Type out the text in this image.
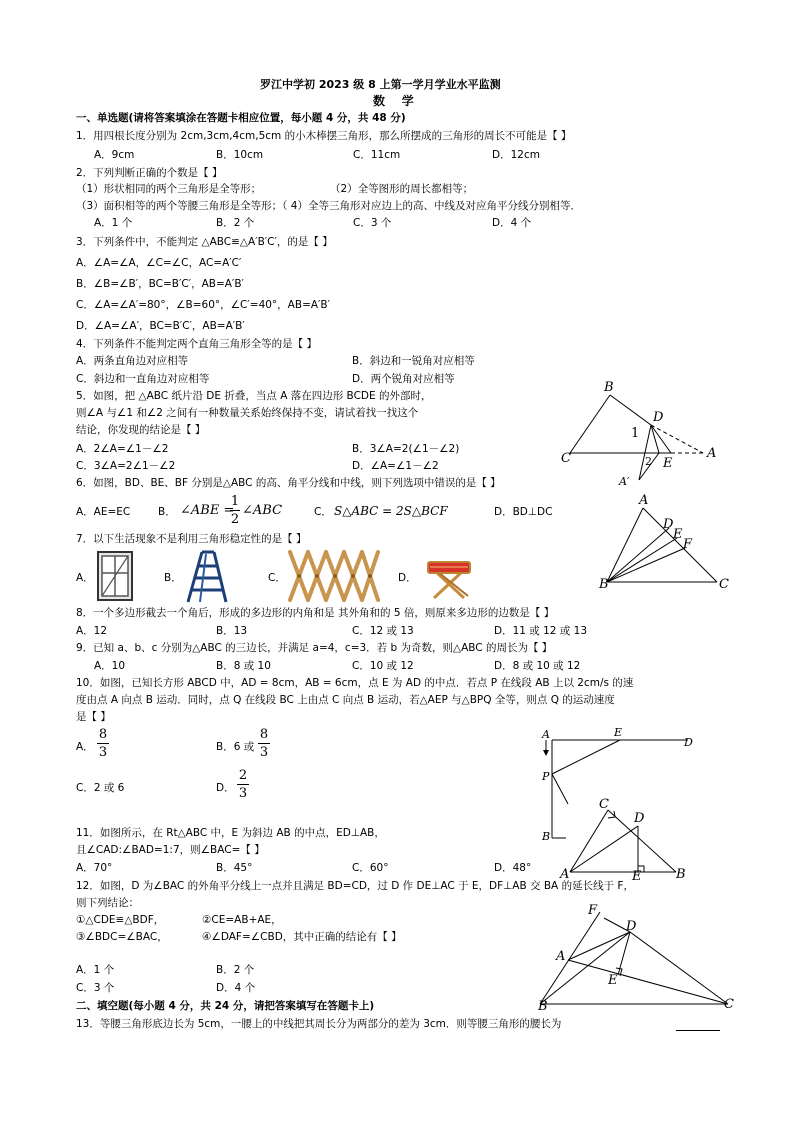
罗江中学初 2023 级 8 上第一学月学业水平监测
数    学
一、单选题(请将答案填涂在答题卡相应位置，每小题 4 分，共 48 分)
1．用四根长度分别为 2cm,3cm,4cm,5cm 的小木棒摆三角形，那么所摆成的三角形的周长不可能是【 】
A．9cm	B．10cm	C．11cm	D．12cm
2．下列判断正确的个数是【 】
（1）形状相同的两个三角形是全等形；	（2）全等图形的周长都相等；
（3）面积相等的两个等腰三角形是全等形；（ 4）全等三角形对应边上的高、中线及对应角平分线分别相等．
A．1 个	B．2 个	C．3 个	D．4 个
3．下列条件中，不能判定 △ABC≌△A′B′C′，的是【 】
A．∠A=∠A，∠C=∠C，AC=A′C′
B．∠B=∠B′，BC=B′C′，AB=A′B′
C．∠A=∠A′=80°，∠B=60°，∠C′=40°，AB=A′B′
D．∠A=∠A′，BC=B′C′，AB=A′B′
4．下列条件不能判定两个直角三角形全等的是【 】
A．两条直角边对应相等	B．斜边和一锐角对应相等
C．斜边和一直角边对应相等	D．两个锐角对应相等
5．如图，把 △ABC 纸片沿 DE 折叠，当点 A 落在四边形 BCDE 的外部时，
则∠A 与∠1 和∠2 之间有一种数量关系始终保持不变，请试着找一找这个
结论，你发现的结论是【 】
A．2∠A=∠1－∠2	B．3∠A=2(∠1－∠2)
C．3∠A=2∠1－∠2	D．∠A=∠1－∠2
B
D
1
C	2 E
A
A′
6．如图，BD、BE、BF 分别是△ABC 的高、角平分线和中线，则下列选项中错误的是【 】
A．AE=EC	B． ∠ABE =
1
2
∠ABC	C． S△ABC = 2S△BCF	D．BD⊥DC
A
D
E
F
B	C
7．以下生活现象不是利用三角形稳定性的是【 】
A．	B．	C．	D．
8．一个多边形截去一个角后，形成的多边形的内角和是 其外角和的 5 倍，则原来多边形的边数是【 】
A．12	B．13	C．12 或 13	D．11 或 12 或 13
9．已知 a、b、c 分别为△ABC 的三边长，并满足 a=4，c=3．若 b 为奇数，则△ABC 的周长为【 】
A．10	B．8 或 10	C．10 或 12	D．8 或 10 或 12
10．如图，已知长方形 ABCD 中，AD = 8cm，AB = 6cm，点 E 为 AD 的中点．若点 P 在线段 AB 上以 2cm/s 的速
度由点 A 向点 B 运动．同时，点 Q 在线段 BC 上由点 C 向点 B 运动，若△AEP 与△BPQ 全等，则点 Q 的运动速度
是【 】
A．
8
3	B．6 或
8
3
C．2 或 6	D．
2
3
A	E
D
P
B
11．如图所示，在 Rt△ABC 中，E 为斜边 AB 的中点，ED⊥AB，
且∠CAD:∠BAD=1:7，则∠BAC=【 】
A．70°	B．45°	C．60°	D．48°
C
D
A	E	B
12．如图，D 为∠BAC 的外角平分线上一点并且满足 BD=CD，过 D 作 DE⊥AC 于 E，DF⊥AB 交 BA 的延长线于 F，
则下列结论：
①△CDE≌△BDF，	②CE=AB+AE，
③∠BDC=∠BAC，	④∠DAF=∠CBD，其中正确的结论有【 】
A．1 个	B．2 个
C．3 个	D．4 个
F
D
A
E
B	C
二、填空题(每小题 4 分，共 24 分，请把答案填写在答题卡上)
13．等腰三角形底边长为 5cm，一腰上的中线把其周长分为两部分的差为 3cm．则等腰三角形的腰长为
